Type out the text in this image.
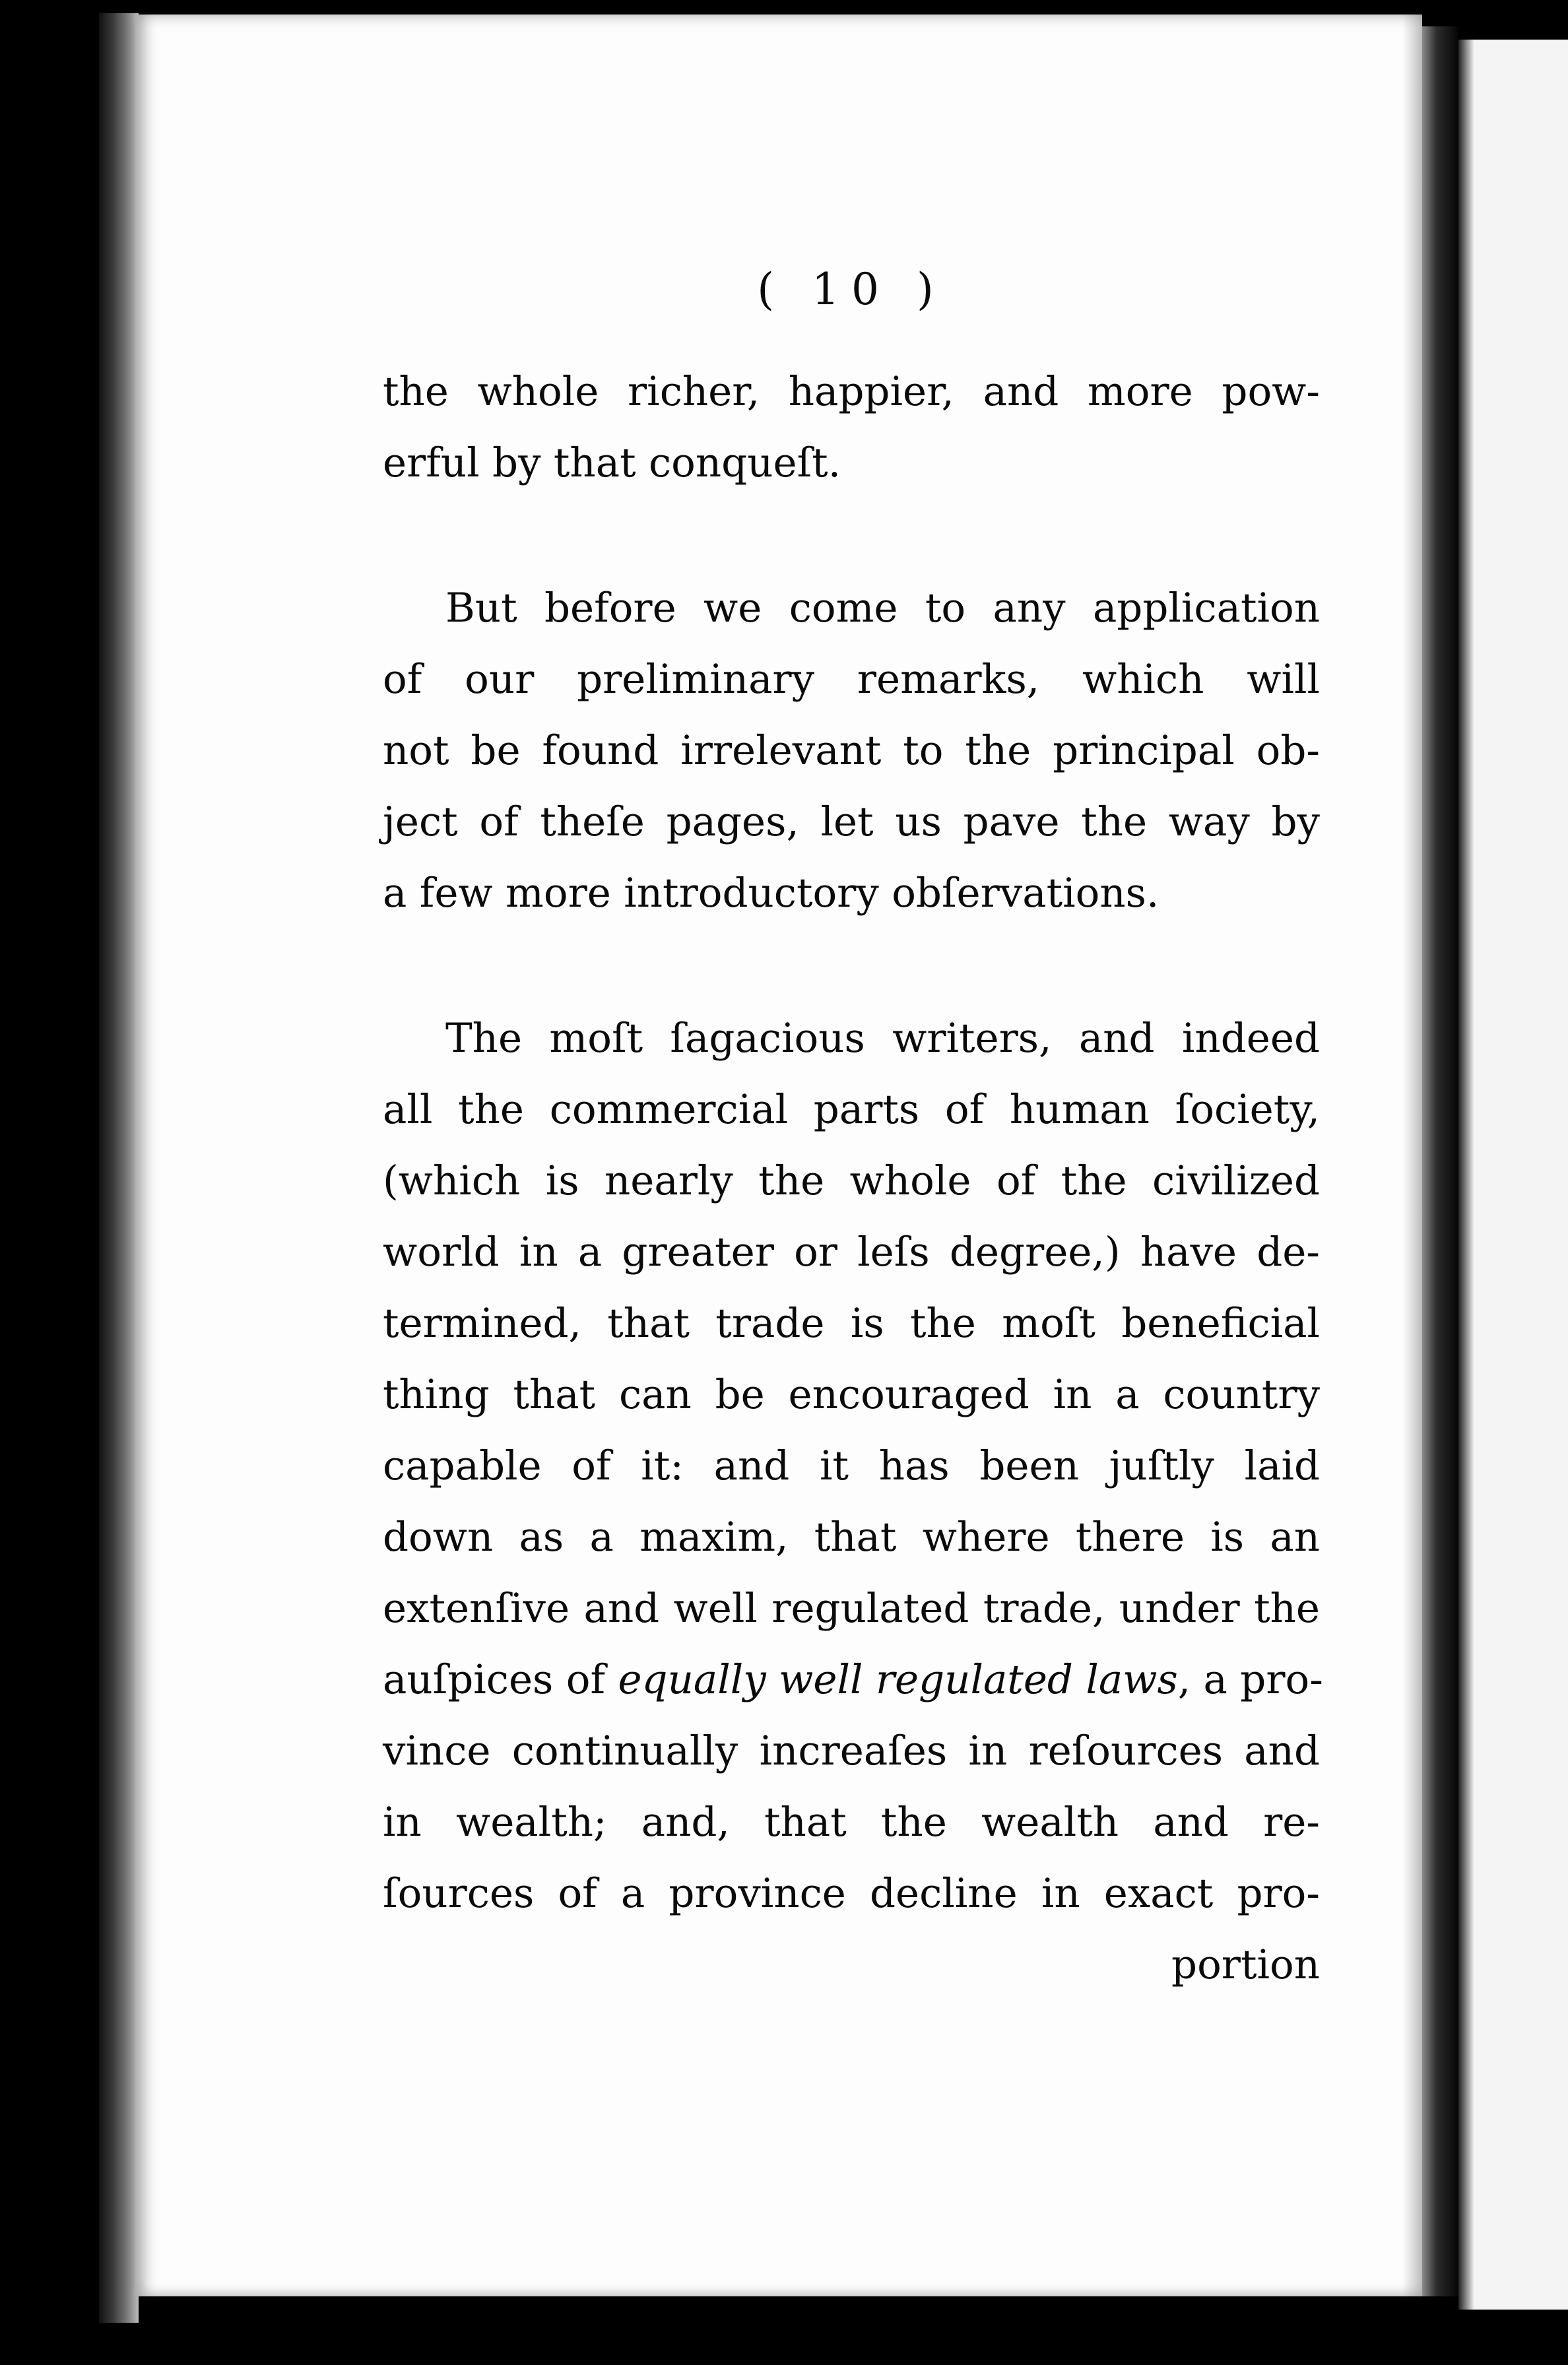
( 10 )
the whole richer, happier, and more pow-
erful by that conqueſt.
But before we come to any application
of our preliminary remarks, which will
not be found irrelevant to the principal ob-
ject of theſe pages, let us pave the way by
a few more introductory obſervations.
The moſt ſagacious writers, and indeed
all the commercial parts of human ſociety,
(which is nearly the whole of the civilized
world in a greater or leſs degree,) have de-
termined, that trade is the moſt beneficial
thing that can be encouraged in a country
capable of it: and it has been juſtly laid
down as a maxim, that where there is an
extenſive and well regulated trade, under the
auſpices of equally well regulated laws, a pro-
vince continually increaſes in reſources and
in wealth; and, that the wealth and re-
ſources of a province decline in exact pro-
portion
